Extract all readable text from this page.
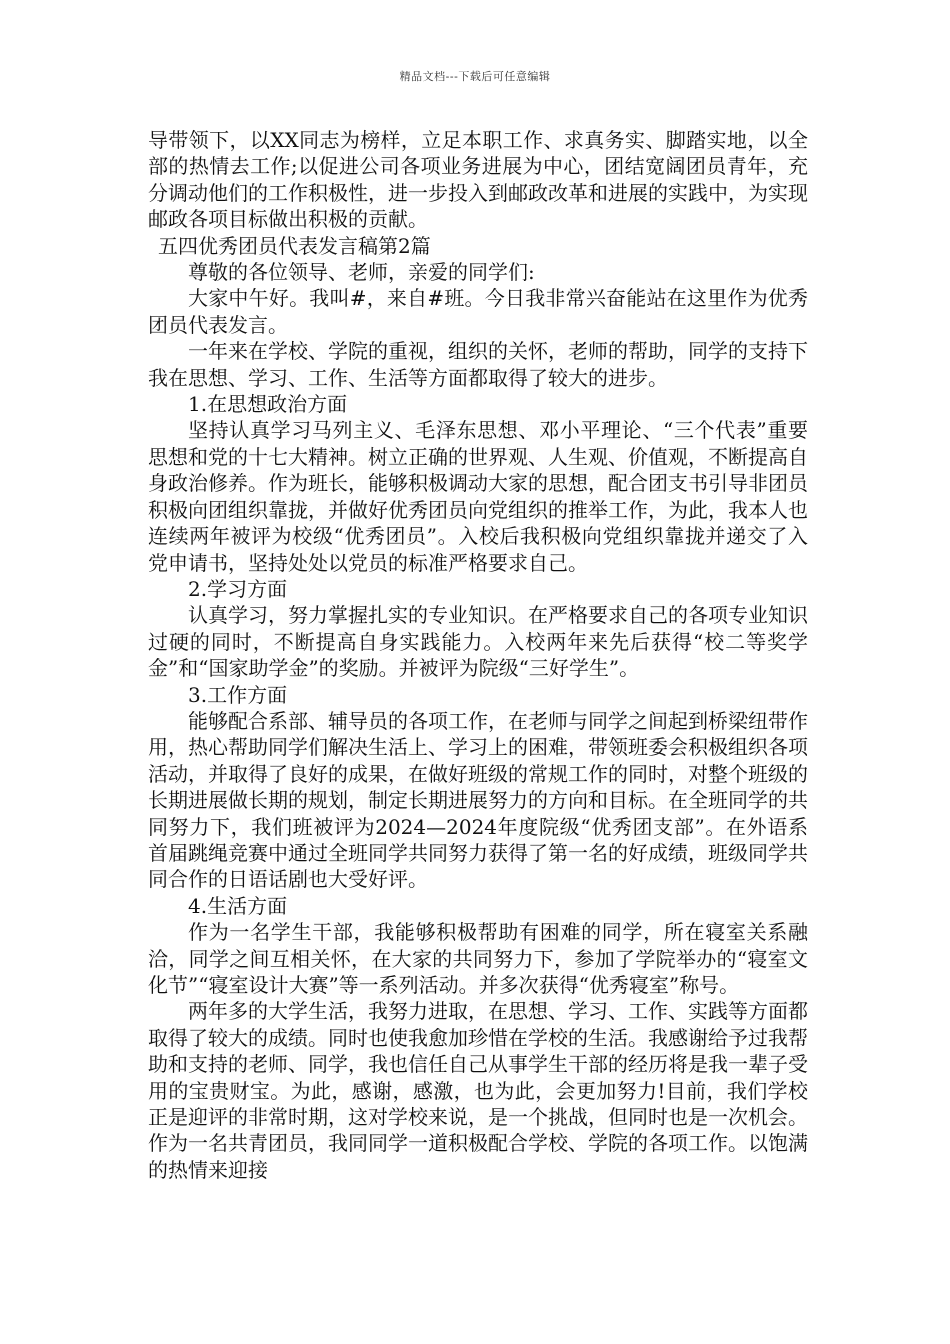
精品文档---下载后可任意编辑

导带领下，以XX同志为榜样，立足本职工作、求真务实、脚踏实地，以全部的热情去工作;以促进公司各项业务进展为中心，团结宽阔团员青年，充分调动他们的工作积极性，进一步投入到邮政改革和进展的实践中，为实现邮政各项目标做出积极的贡献。

五四优秀团员代表发言稿第2篇

尊敬的各位领导、老师，亲爱的同学们:

大家中午好。我叫#，来自#班。今日我非常兴奋能站在这里作为优秀团员代表发言。

一年来在学校、学院的重视，组织的关怀，老师的帮助，同学的支持下我在思想、学习、工作、生活等方面都取得了较大的进步。

1.在思想政治方面

坚持认真学习马列主义、毛泽东思想、邓小平理论、“三个代表”重要思想和党的十七大精神。树立正确的世界观、人生观、价值观，不断提高自身政治修养。作为班长，能够积极调动大家的思想，配合团支书引导非团员积极向团组织靠拢，并做好优秀团员向党组织的推举工作，为此，我本人也连续两年被评为校级“优秀团员”。入校后我积极向党组织靠拢并递交了入党申请书，坚持处处以党员的标准严格要求自己。

2.学习方面

认真学习，努力掌握扎实的专业知识。在严格要求自己的各项专业知识过硬的同时，不断提高自身实践能力。入校两年来先后获得“校二等奖学金”和“国家助学金”的奖励。并被评为院级“三好学生”。

3.工作方面

能够配合系部、辅导员的各项工作，在老师与同学之间起到桥梁纽带作用，热心帮助同学们解决生活上、学习上的困难，带领班委会积极组织各项活动，并取得了良好的成果，在做好班级的常规工作的同时，对整个班级的长期进展做长期的规划，制定长期进展努力的方向和目标。在全班同学的共同努力下，我们班被评为2024—2024年度院级“优秀团支部”。在外语系首届跳绳竞赛中通过全班同学共同努力获得了第一名的好成绩，班级同学共同合作的日语话剧也大受好评。

4.生活方面

作为一名学生干部，我能够积极帮助有困难的同学，所在寝室关系融洽，同学之间互相关怀，在大家的共同努力下，参加了学院举办的“寝室文化节”“寝室设计大赛”等一系列活动。并多次获得“优秀寝室”称号。

两年多的大学生活，我努力进取，在思想、学习、工作、实践等方面都取得了较大的成绩。同时也使我愈加珍惜在学校的生活。我感谢给予过我帮助和支持的老师、同学，我也信任自己从事学生干部的经历将是我一辈子受用的宝贵财宝。为此，感谢，感激，也为此，会更加努力!目前，我们学校正是迎评的非常时期，这对学校来说，是一个挑战，但同时也是一次机会。作为一名共青团员，我同同学一道积极配合学校、学院的各项工作。以饱满的热情来迎接
